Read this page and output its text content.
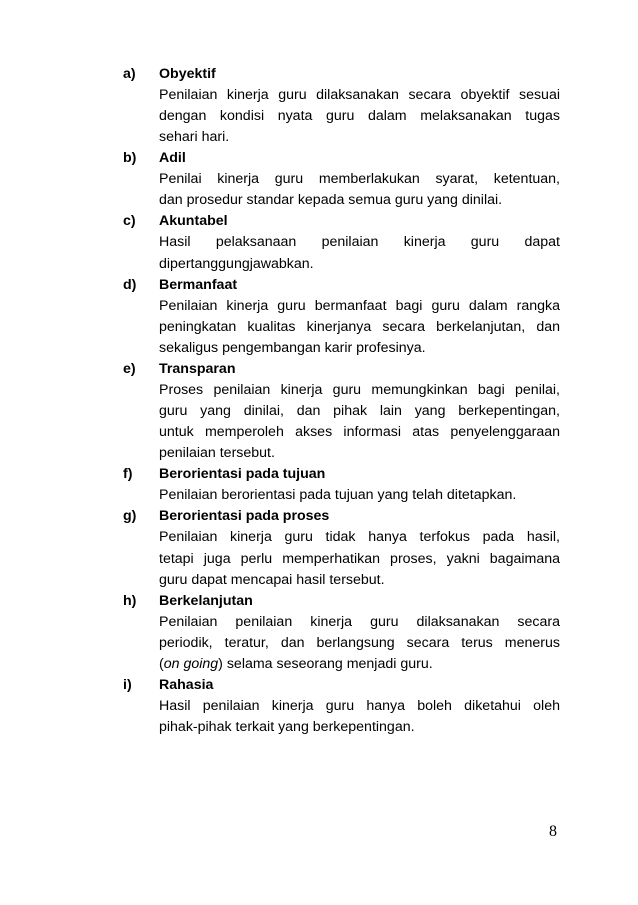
a) Obyektif
Penilaian kinerja guru dilaksanakan secara obyektif sesuai
dengan kondisi nyata guru dalam melaksanakan tugas
sehari hari.
b) Adil
Penilai kinerja guru memberlakukan syarat, ketentuan,
dan prosedur standar kepada semua guru yang dinilai.
c) Akuntabel
Hasil pelaksanaan penilaian kinerja guru dapat
dipertanggungjawabkan.
d) Bermanfaat
Penilaian kinerja guru bermanfaat bagi guru dalam rangka
peningkatan kualitas kinerjanya secara berkelanjutan, dan
sekaligus pengembangan karir profesinya.
e) Transparan
Proses penilaian kinerja guru memungkinkan bagi penilai,
guru yang dinilai, dan pihak lain yang berkepentingan,
untuk memperoleh akses informasi atas penyelenggaraan
penilaian tersebut.
f) Berorientasi pada tujuan
Penilaian berorientasi pada tujuan yang telah ditetapkan.
g) Berorientasi pada proses
Penilaian kinerja guru tidak hanya terfokus pada hasil,
tetapi juga perlu memperhatikan proses, yakni bagaimana
guru dapat mencapai hasil tersebut.
h) Berkelanjutan
Penilaian penilaian kinerja guru dilaksanakan secara
periodik, teratur, dan berlangsung secara terus menerus
(on going) selama seseorang menjadi guru.
i) Rahasia
Hasil penilaian kinerja guru hanya boleh diketahui oleh
pihak-pihak terkait yang berkepentingan.
8
